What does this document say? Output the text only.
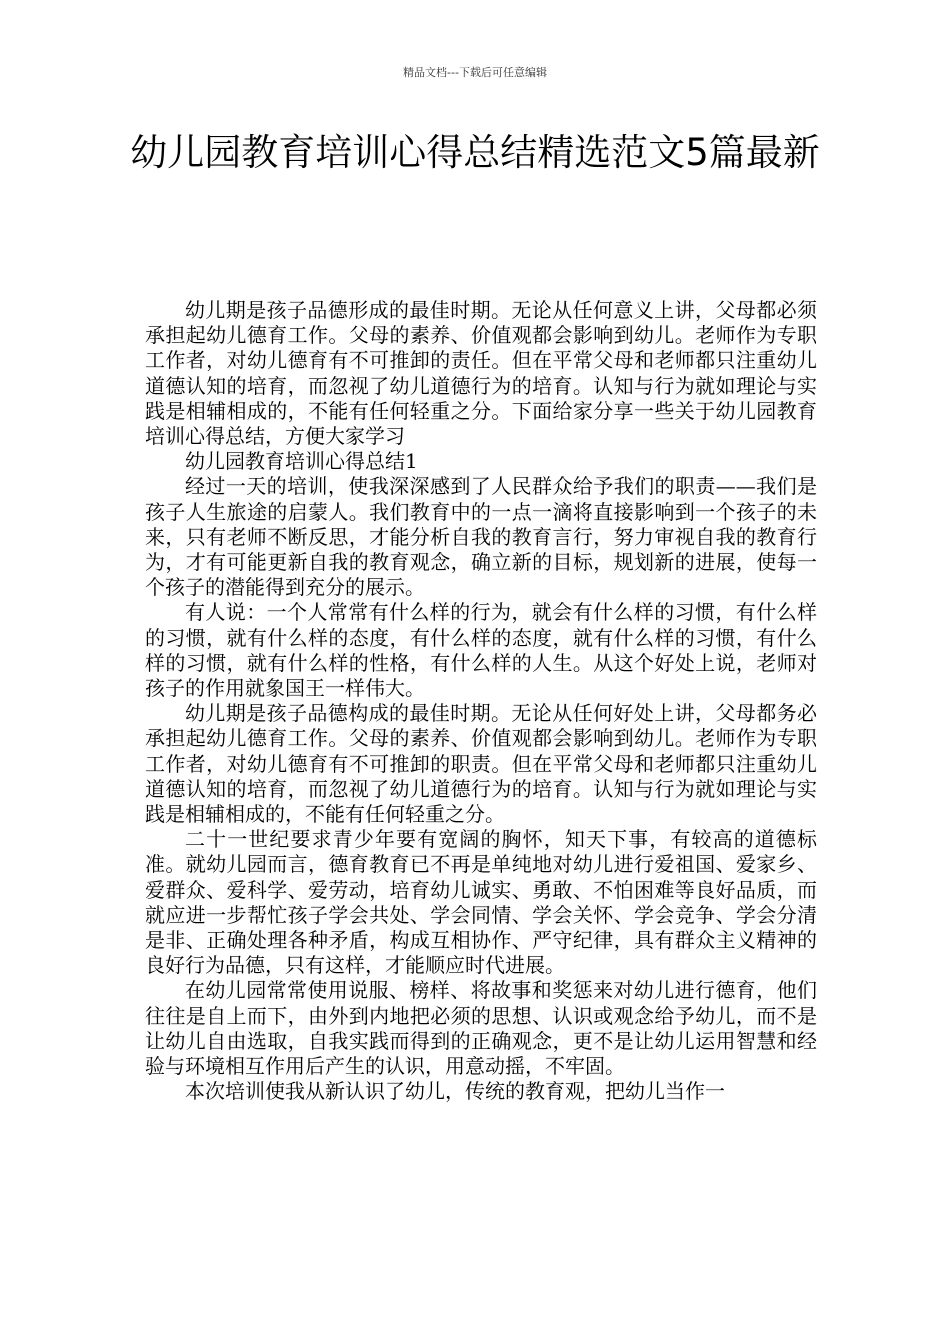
精品文档---下载后可任意编辑
幼儿园教育培训心得总结精选范文5篇最新

幼儿期是孩子品德形成的最佳时期。无论从任何意义上讲，父母都必须承担起幼儿德育工作。父母的素养、价值观都会影响到幼儿。老师作为专职工作者，对幼儿德育有不可推卸的责任。但在平常父母和老师都只注重幼儿道德认知的培育，而忽视了幼儿道德行为的培育。认知与行为就如理论与实践是相辅相成的，不能有任何轻重之分。下面给家分享一些关于幼儿园教育培训心得总结，方便大家学习

幼儿园教育培训心得总结1

经过一天的培训，使我深深感到了人民群众给予我们的职责——我们是孩子人生旅途的启蒙人。我们教育中的一点一滴将直接影响到一个孩子的未来，只有老师不断反思，才能分析自我的教育言行，努力审视自我的教育行为，才有可能更新自我的教育观念，确立新的目标，规划新的进展，使每一个孩子的潜能得到充分的展示。

有人说：一个人常常有什么样的行为，就会有什么样的习惯，有什么样的习惯，就有什么样的态度，有什么样的态度，就有什么样的习惯，有什么样的习惯，就有什么样的性格，有什么样的人生。从这个好处上说，老师对孩子的作用就象国王一样伟大。

幼儿期是孩子品德构成的最佳时期。无论从任何好处上讲，父母都务必承担起幼儿德育工作。父母的素养、价值观都会影响到幼儿。老师作为专职工作者，对幼儿德育有不可推卸的职责。但在平常父母和老师都只注重幼儿道德认知的培育，而忽视了幼儿道德行为的培育。认知与行为就如理论与实践是相辅相成的，不能有任何轻重之分。

二十一世纪要求青少年要有宽阔的胸怀，知天下事，有较高的道德标准。就幼儿园而言，德育教育已不再是单纯地对幼儿进行爱祖国、爱家乡、爱群众、爱科学、爱劳动，培育幼儿诚实、勇敢、不怕困难等良好品质，而就应进一步帮忙孩子学会共处、学会同情、学会关怀、学会竞争、学会分清是非、正确处理各种矛盾，构成互相协作、严守纪律，具有群众主义精神的良好行为品德，只有这样，才能顺应时代进展。

在幼儿园常常使用说服、榜样、将故事和奖惩来对幼儿进行德育，他们往往是自上而下，由外到内地把必须的思想、认识或观念给予幼儿，而不是让幼儿自由选取，自我实践而得到的正确观念，更不是让幼儿运用智慧和经验与环境相互作用后产生的认识，用意动摇，不牢固。

本次培训使我从新认识了幼儿，传统的教育观，把幼儿当作一
